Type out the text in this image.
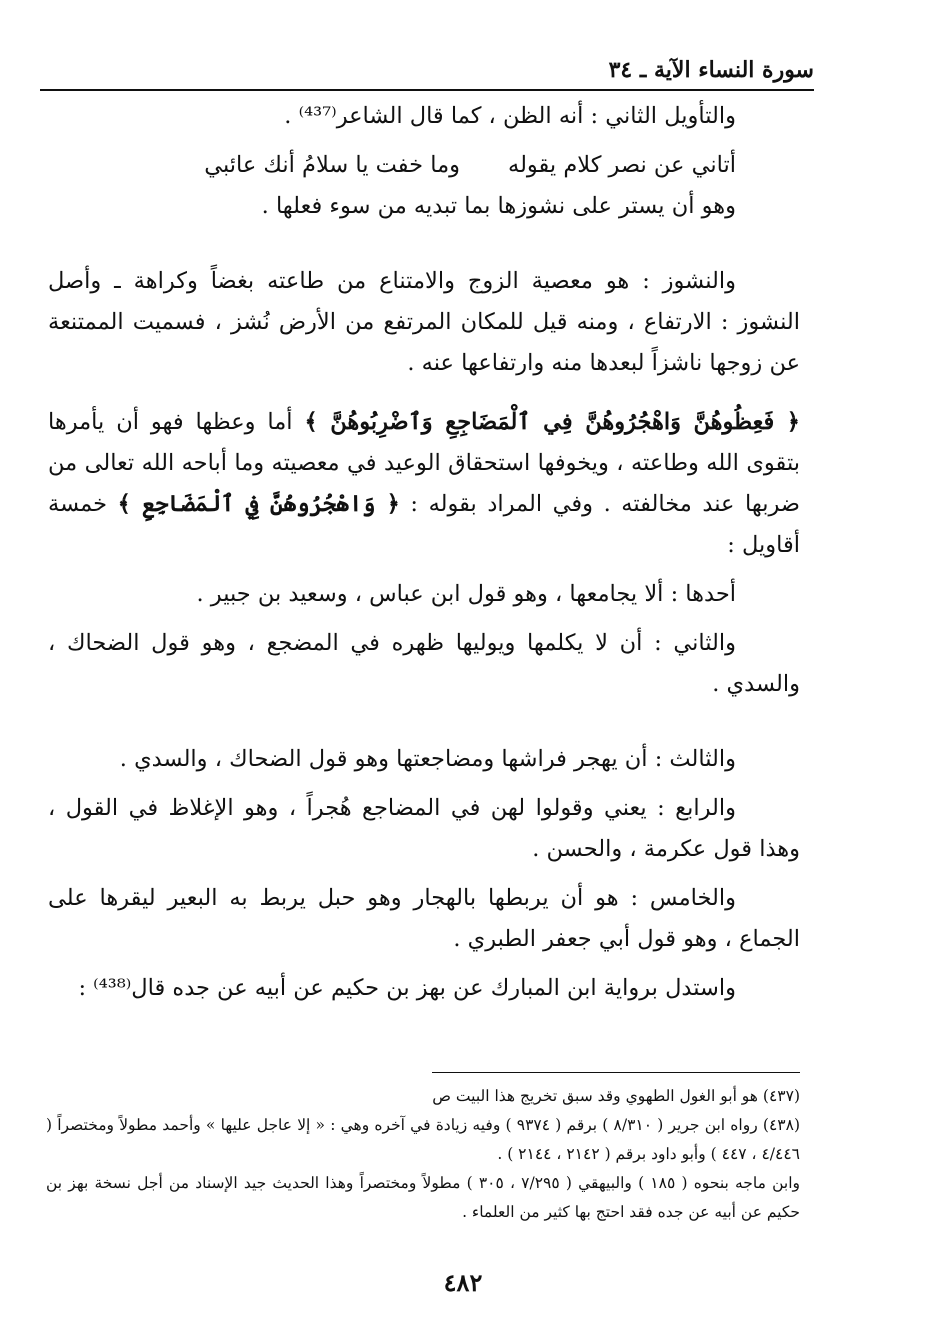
سورة النساء الآية ـ ٣٤

والتأويل الثاني : أنه الظن ، كما قال الشاعر⁽⁴³⁷⁾ .

أتاني عن نصر كلام يقوله
وما خفت يا سلامُ أنك عائبي

وهو أن يستر على نشوزها بما تبديه من سوء فعلها .

والنشوز : هو معصية الزوج والامتناع من طاعته بغضاً وكراهة ـ وأصل النشوز : الارتفاع ، ومنه قيل للمكان المرتفع من الأرض نُشز ، فسميت الممتنعة عن زوجها ناشزاً لبعدها منه وارتفاعها عنه .

﴿ فَعِظُوهُنَّ وَاهْجُرُوهُنَّ فِي ٱلْمَضَاجِعِ وَٱضْرِبُوهُنَّ ﴾ أما وعظها فهو أن يأمرها بتقوى الله وطاعته ، ويخوفها استحقاق الوعيد في معصيته وما أباحه الله تعالى من ضربها عند مخالفته . وفي المراد بقوله : ﴿ وَاهْجُرُوهُنَّ فِي ٱلْمَضَاجِعِ ﴾ خمسة أقاويل :

أحدها : ألا يجامعها ، وهو قول ابن عباس ، وسعيد بن جبير .

والثاني : أن لا يكلمها ويوليها ظهره في المضجع ، وهو قول الضحاك ، والسدي .

والثالث : أن يهجر فراشها ومضاجعتها وهو قول الضحاك ، والسدي .

والرابع : يعني وقولوا لهن في المضاجع هُجراً ، وهو الإغلاظ في القول ، وهذا قول عكرمة ، والحسن .

والخامس : هو أن يربطها بالهجار وهو حبل يربط به البعير ليقرها على الجماع ، وهو قول أبي جعفر الطبري .

واستدل برواية ابن المبارك عن بهز بن حكيم عن أبيه عن جده قال⁽⁴³⁸⁾ :

(٤٣٧) هو أبو الغول الطهوي وقد سبق تخريج هذا البيت ص

(٤٣٨) رواه ابن جرير ( ٨/٣١٠ ) برقم ( ٩٣٧٤ ) وفيه زيادة في آخره وهي : « إلا عاجل عليها » وأحمد مطولاً ومختصراً ( ٤/٤٤٦ ، ٤٤٧ ) وأبو داود برقم ( ٢١٤٢ ، ٢١٤٤ ) .

وابن ماجه بنحوه ( ١٨٥ ) والبيهقي ( ٧/٢٩٥ ، ٣٠٥ ) مطولاً ومختصراً وهذا الحديث جيد الإسناد من أجل نسخة بهز بن حكيم عن أبيه عن جده فقد احتج بها كثير من العلماء .

٤٨٢
